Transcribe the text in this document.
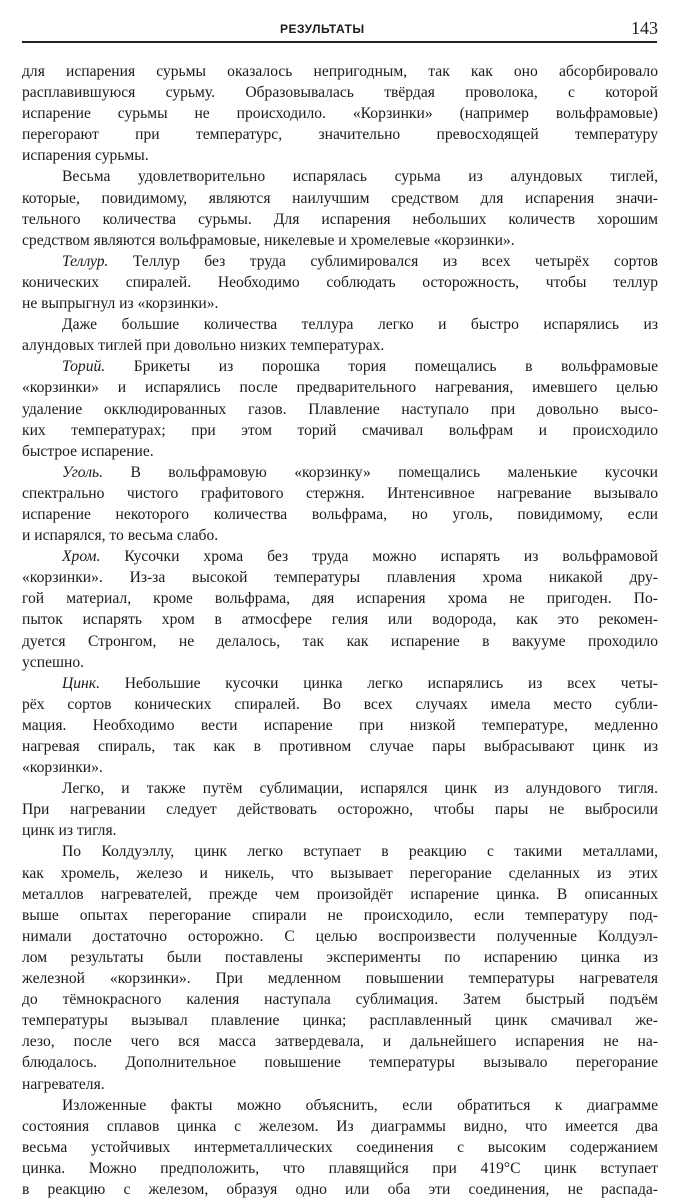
РЕЗУЛЬТАТЫ	143

для испарения сурьмы оказалось непригодным, так как оно абсорбировало
расплавившуюся сурьму. Образовывалась твёрдая проволока, с которой
испарение сурьмы не происходило. «Корзинки» (например вольфрамовые)
перегорают при температурс, значительно превосходящей температуру
испарения сурьмы.

Весьма удовлетворительно испарялась сурьма из алундовых тиглей,
которые, повидимому, являются наилучшим средством для испарения значи-
тельного количества сурьмы. Для испарения небольших количеств хорошим
средством являются вольфрамовые, никелевые и хромелевые «корзинки».

Теллур. Теллур без труда сублимировался из всех четырёх сортов
конических спиралей. Необходимо соблюдать осторожность, чтобы теллур
не выпрыгнул из «корзинки».

Даже большие количества теллура легко и быстро испарялись из
алундовых тиглей при довольно низких температурах.

Торий. Брикеты из порошка тория помещались в вольфрамовые
«корзинки» и испарялись после предварительного нагревания, имевшего целью
удаление окклюдированных газов. Плавление наступало при довольно высо-
ких температурах; при этом торий смачивал вольфрам и происходило
быстрое испарение.

Уголь. В вольфрамовую «корзинку» помещались маленькие кусочки
спектрально чистого графитового стержня. Интенсивное нагревание вызывало
испарение некоторого количества вольфрама, но уголь, повидимому, если
и испарялся, то весьма слабо.

Хром. Кусочки хрома без труда можно испарять из вольфрамовой
«корзинки». Из-за высокой температуры плавления хрома никакой дру-
гой материал, кроме вольфрама, дяя испарения хрома не пригоден. По-
пыток испарять хром в атмосфере гелия или водорода, как это рекомен-
дуется Стронгом, не делалось, так как испарение в вакууме проходило
успешно.

Цинк. Небольшие кусочки цинка легко испарялись из всех четы-
рёх сортов конических спиралей. Во всех случаях имела место субли-
мация. Необходимо вести испарение при низкой температуре, медленно
нагревая спираль, так как в противном случае пары выбрасывают цинк из
«корзинки».

Легко, и также путём сублимации, испарялся цинк из алундового тигля.
При нагревании следует действовать осторожно, чтобы пары не выбросили
цинк из тигля.

По Колдуэллу, цинк легко вступает в реакцию с такими металлами,
как хромель, железо и никель, что вызывает перегорание сделанных из этих
металлов нагревателей, прежде чем произойдёт испарение цинка. В описанных
выше опытах перегорание спирали не происходило, если температуру под-
нимали достаточно осторожно. С целью воспроизвести полученные Колдуэл-
лом результаты были поставлены эксперименты по испарению цинка из
железной «корзинки». При медленном повышении температуры нагревателя
до тёмнокрасного каления наступала сублимация. Затем быстрый подъём
температуры вызывал плавление цинка; расплавленный цинк смачивал же-
лезо, после чего вся масса затвердевала, и дальнейшего испарения не на-
блюдалось. Дополнительное повышение температуры вызывало перегорание
нагревателя.

Изложенные факты можно объяснить, если обратиться к диаграмме
состояния сплавов цинка с железом. Из диаграммы видно, что имеется два
весьма устойчивых интерметаллических соединения с высоким содержанием
цинка. Можно предположить, что плавящийся при 419°С цинк вступает
в реакцию с железом, образуя одно или оба эти соединения, не распада-
